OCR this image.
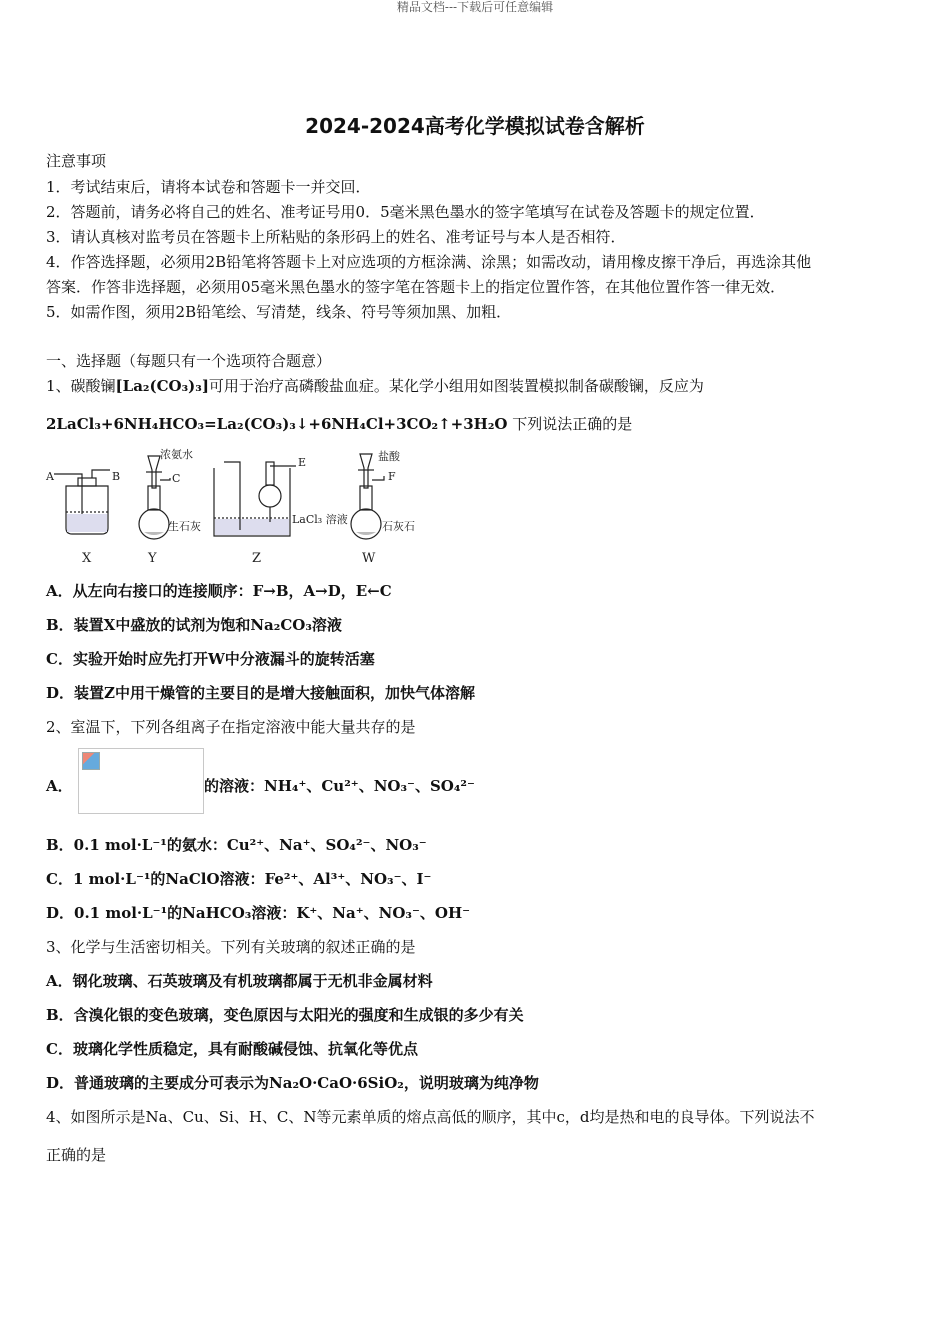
精品文档---下载后可任意编辑
2024-2024高考化学模拟试卷含解析
注意事项
1．考试结束后，请将本试卷和答题卡一并交回．
2．答题前，请务必将自己的姓名、准考证号用0．5毫米黑色墨水的签字笔填写在试卷及答题卡的规定位置．
3．请认真核对监考员在答题卡上所粘贴的条形码上的姓名、准考证号与本人是否相符．
4．作答选择题，必须用2B铅笔将答题卡上对应选项的方框涂满、涂黑；如需改动，请用橡皮擦干净后，再选涂其他
答案．作答非选择题，必须用05毫米黑色墨水的签字笔在答题卡上的指定位置作答，在其他位置作答一律无效．
5．如需作图，须用2B铅笔绘、写清楚，线条、符号等须加黑、加粗．
一、选择题（每题只有一个选项符合题意）
1、碳酸镧[La₂(CO₃)₃]可用于治疗高磷酸盐血症。某化学小组用如图装置模拟制备碳酸镧，反应为
2LaCl₃+6NH₄HCO₃=La₂(CO₃)₃↓+6NH₄Cl+3CO₂↑+3H₂O 下列说法正确的是
A	B	C
E
F
浓氨水
生石灰
LaCl₃ 溶液
盐酸
石灰石
X	Y	Z	W
A．从左向右接口的连接顺序：F→B，A→D，E←C
B．装置X中盛放的试剂为饱和Na₂CO₃溶液
C．实验开始时应先打开W中分液漏斗的旋转活塞
D．装置Z中用干燥管的主要目的是增大接触面积，加快气体溶解
2、室温下，下列各组离子在指定溶液中能大量共存的是
A．	的溶液：NH₄⁺、Cu²⁺、NO₃⁻、SO₄²⁻
B．0.1 mol·L⁻¹的氨水：Cu²⁺、Na⁺、SO₄²⁻、NO₃⁻
C．1 mol·L⁻¹的NaClO溶液：Fe²⁺、Al³⁺、NO₃⁻、I⁻
D．0.1 mol·L⁻¹的NaHCO₃溶液：K⁺、Na⁺、NO₃⁻、OH⁻
3、化学与生活密切相关。下列有关玻璃的叙述正确的是
A．钢化玻璃、石英玻璃及有机玻璃都属于无机非金属材料
B．含溴化银的变色玻璃，变色原因与太阳光的强度和生成银的多少有关
C．玻璃化学性质稳定，具有耐酸碱侵蚀、抗氧化等优点
D．普通玻璃的主要成分可表示为Na₂O·CaO·6SiO₂，说明玻璃为纯净物
4、如图所示是Na、Cu、Si、H、C、N等元素单质的熔点高低的顺序，其中c，d均是热和电的良导体。下列说法不
正确的是
